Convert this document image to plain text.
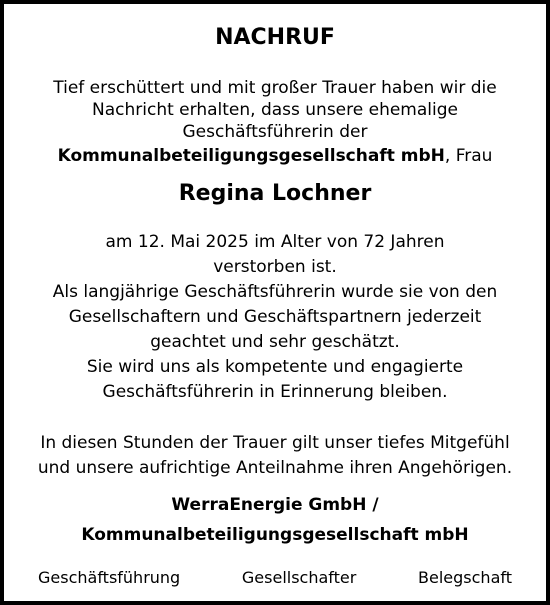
NACHRUF
Tief erschüttert und mit großer Trauer haben wir die
Nachricht erhalten, dass unsere ehemalige
Geschäftsführerin der
Kommunalbeteiligungsgesellschaft mbH, Frau
Regina Lochner
am 12. Mai 2025 im Alter von 72 Jahren
verstorben ist.
Als langjährige Geschäftsführerin wurde sie von den
Gesellschaftern und Geschäftspartnern jederzeit
geachtet und sehr geschätzt.
Sie wird uns als kompetente und engagierte
Geschäftsführerin in Erinnerung bleiben.
In diesen Stunden der Trauer gilt unser tiefes Mitgefühl
und unsere aufrichtige Anteilnahme ihren Angehörigen.
WerraEnergie GmbH /
Kommunalbeteiligungsgesellschaft mbH
Geschäftsführung	Gesellschafter	Belegschaft
